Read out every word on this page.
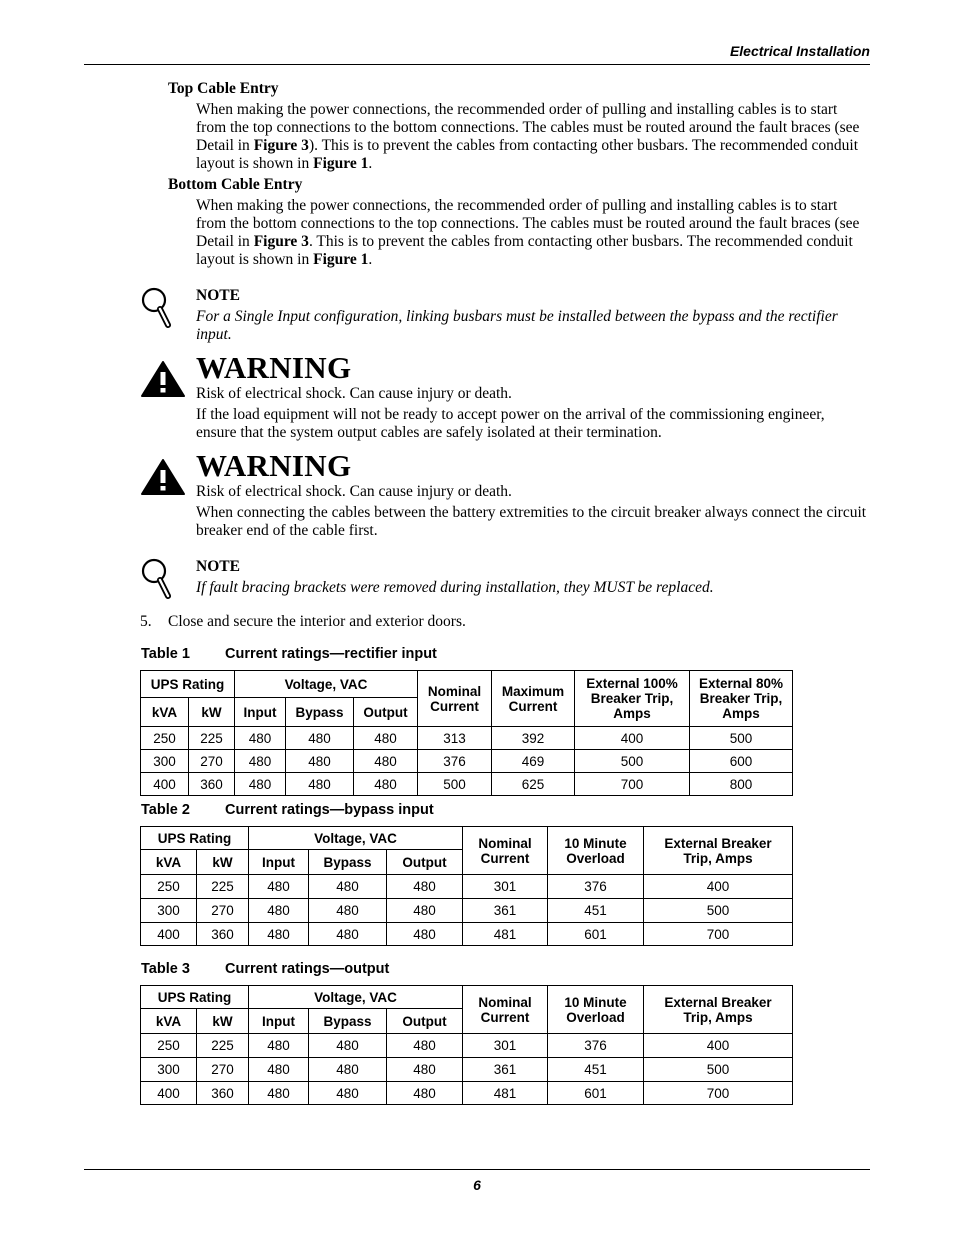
Electrical Installation
Top Cable Entry
When making the power connections, the recommended order of pulling and installing cables is to start from the top connections to the bottom connections. The cables must be routed around the fault braces (see Detail in Figure 3). This is to prevent the cables from contacting other busbars. The recommended conduit layout is shown in Figure 1.
Bottom Cable Entry
When making the power connections, the recommended order of pulling and installing cables is to start from the bottom connections to the top connections. The cables must be routed around the fault braces (see Detail in Figure 3. This is to prevent the cables from contacting other busbars. The recommended conduit layout is shown in Figure 1.
NOTE
For a Single Input configuration, linking busbars must be installed between the bypass and the rectifier input.
WARNING
Risk of electrical shock. Can cause injury or death.
If the load equipment will not be ready to accept power on the arrival of the commissioning engineer, ensure that the system output cables are safely isolated at their termination.
WARNING
Risk of electrical shock. Can cause injury or death.
When connecting the cables between the battery extremities to the circuit breaker always connect the circuit breaker end of the cable first.
NOTE
If fault bracing brackets were removed during installation, they MUST be replaced.
5. Close and secure the interior and exterior doors.
Table 1 Current ratings—rectifier input
UPS Rating		Voltage, VAC			Nominal Current	Maximum Current	External 100% Breaker Trip, Amps	External 80% Breaker Trip, Amps
kVA	kW	Input	Bypass	Output				
250	225	480	480	480	313	392	400	500
300	270	480	480	480	376	469	500	600
400	360	480	480	480	500	625	700	800
Table 2 Current ratings—bypass input
UPS Rating		Voltage, VAC			Nominal Current	10 Minute Overload	External Breaker Trip, Amps
kVA	kW	Input	Bypass	Output			
250	225	480	480	480	301	376	400
300	270	480	480	480	361	451	500
400	360	480	480	480	481	601	700
Table 3 Current ratings—output
UPS Rating		Voltage, VAC			Nominal Current	10 Minute Overload	External Breaker Trip, Amps
kVA	kW	Input	Bypass	Output			
250	225	480	480	480	301	376	400
300	270	480	480	480	361	451	500
400	360	480	480	480	481	601	700
6
